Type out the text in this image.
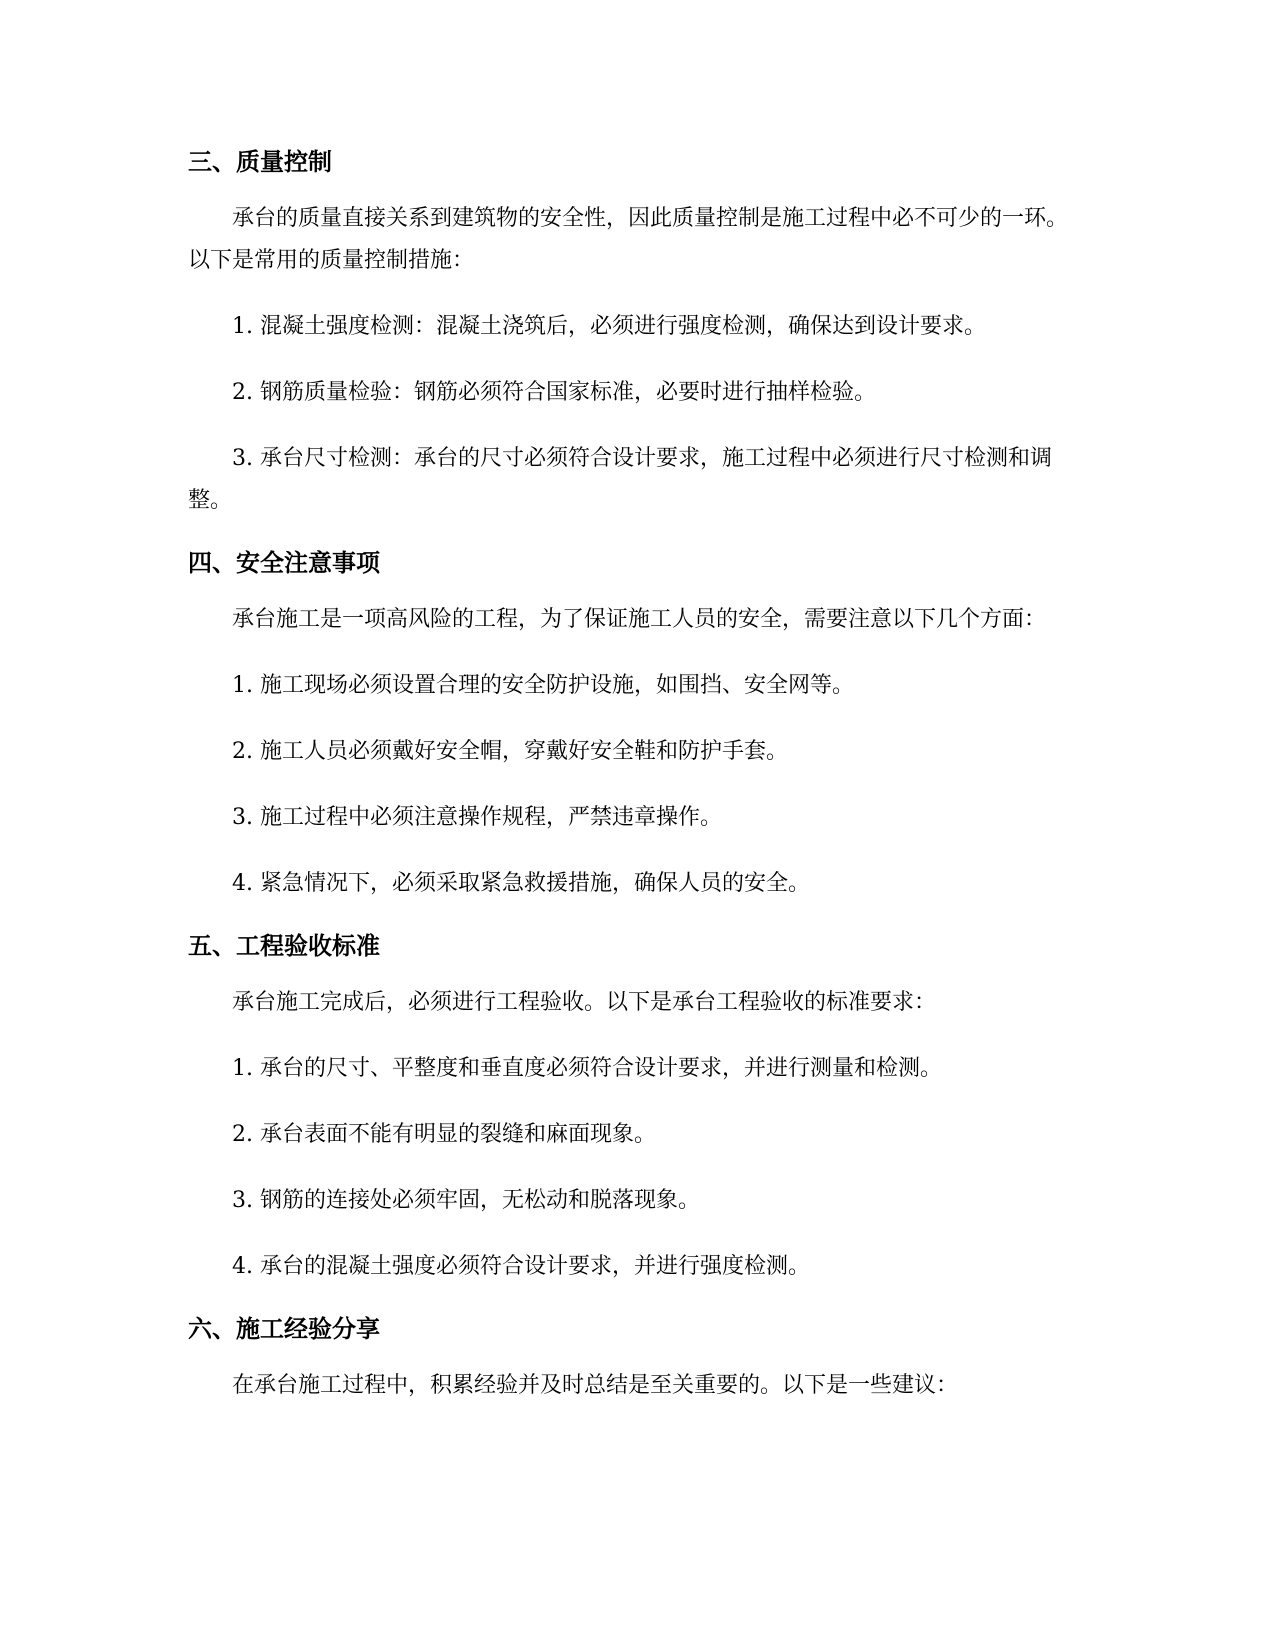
三、质量控制

承台的质量直接关系到建筑物的安全性，因此质量控制是施工过程中必不可少的一环。以下是常用的质量控制措施：

1. 混凝土强度检测：混凝土浇筑后，必须进行强度检测，确保达到设计要求。

2. 钢筋质量检验：钢筋必须符合国家标准，必要时进行抽样检验。

3. 承台尺寸检测：承台的尺寸必须符合设计要求，施工过程中必须进行尺寸检测和调整。

四、安全注意事项

承台施工是一项高风险的工程，为了保证施工人员的安全，需要注意以下几个方面：

1. 施工现场必须设置合理的安全防护设施，如围挡、安全网等。

2. 施工人员必须戴好安全帽，穿戴好安全鞋和防护手套。

3. 施工过程中必须注意操作规程，严禁违章操作。

4. 紧急情况下，必须采取紧急救援措施，确保人员的安全。

五、工程验收标准

承台施工完成后，必须进行工程验收。以下是承台工程验收的标准要求：

1. 承台的尺寸、平整度和垂直度必须符合设计要求，并进行测量和检测。

2. 承台表面不能有明显的裂缝和麻面现象。

3. 钢筋的连接处必须牢固，无松动和脱落现象。

4. 承台的混凝土强度必须符合设计要求，并进行强度检测。

六、施工经验分享

在承台施工过程中，积累经验并及时总结是至关重要的。以下是一些建议：
